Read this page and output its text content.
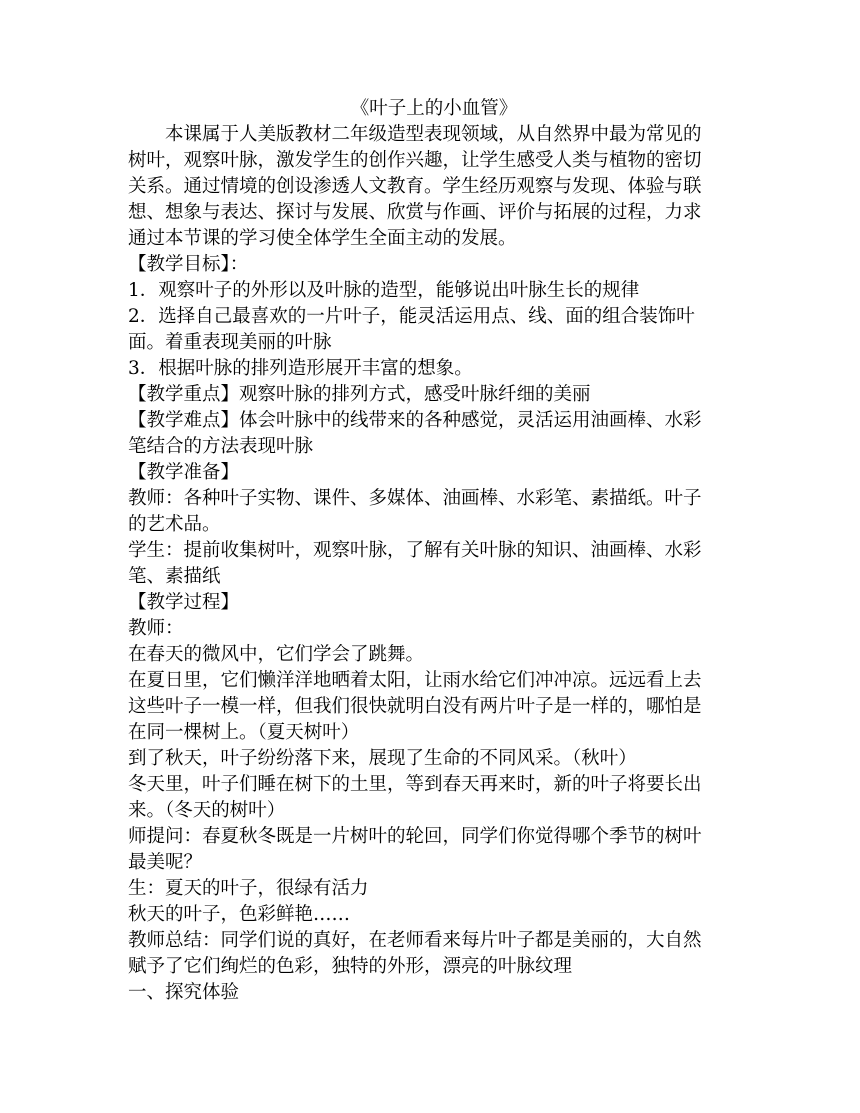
《叶子上的小血管》
　　本课属于人美版教材二年级造型表现领域，从自然界中最为常见的
树叶，观察叶脉，激发学生的创作兴趣，让学生感受人类与植物的密切
关系。通过情境的创设渗透人文教育。学生经历观察与发现、体验与联
想、想象与表达、探讨与发展、欣赏与作画、评价与拓展的过程，力求
通过本节课的学习使全体学生全面主动的发展。
【教学目标】：
1．观察叶子的外形以及叶脉的造型，能够说出叶脉生长的规律
2．选择自己最喜欢的一片叶子，能灵活运用点、线、面的组合装饰叶
面。着重表现美丽的叶脉
3．根据叶脉的排列造形展开丰富的想象。
【教学重点】观察叶脉的排列方式，感受叶脉纤细的美丽
【教学难点】体会叶脉中的线带来的各种感觉，灵活运用油画棒、水彩
笔结合的方法表现叶脉
【教学准备】
教师：各种叶子实物、课件、多媒体、油画棒、水彩笔、素描纸。叶子
的艺术品。
学生：提前收集树叶，观察叶脉，了解有关叶脉的知识、油画棒、水彩
笔、素描纸
【教学过程】
教师：
在春天的微风中，它们学会了跳舞。
在夏日里，它们懒洋洋地晒着太阳，让雨水给它们冲冲凉。远远看上去
这些叶子一模一样，但我们很快就明白没有两片叶子是一样的，哪怕是
在同一棵树上。（夏天树叶）
到了秋天，叶子纷纷落下来，展现了生命的不同风采。（秋叶）
冬天里，叶子们睡在树下的土里，等到春天再来时，新的叶子将要长出
来。（冬天的树叶）
师提问：春夏秋冬既是一片树叶的轮回，同学们你觉得哪个季节的树叶
最美呢？
生：夏天的叶子，很绿有活力
秋天的叶子，色彩鲜艳……
教师总结：同学们说的真好，在老师看来每片叶子都是美丽的，大自然
赋予了它们绚烂的色彩，独特的外形，漂亮的叶脉纹理
一、探究体验
